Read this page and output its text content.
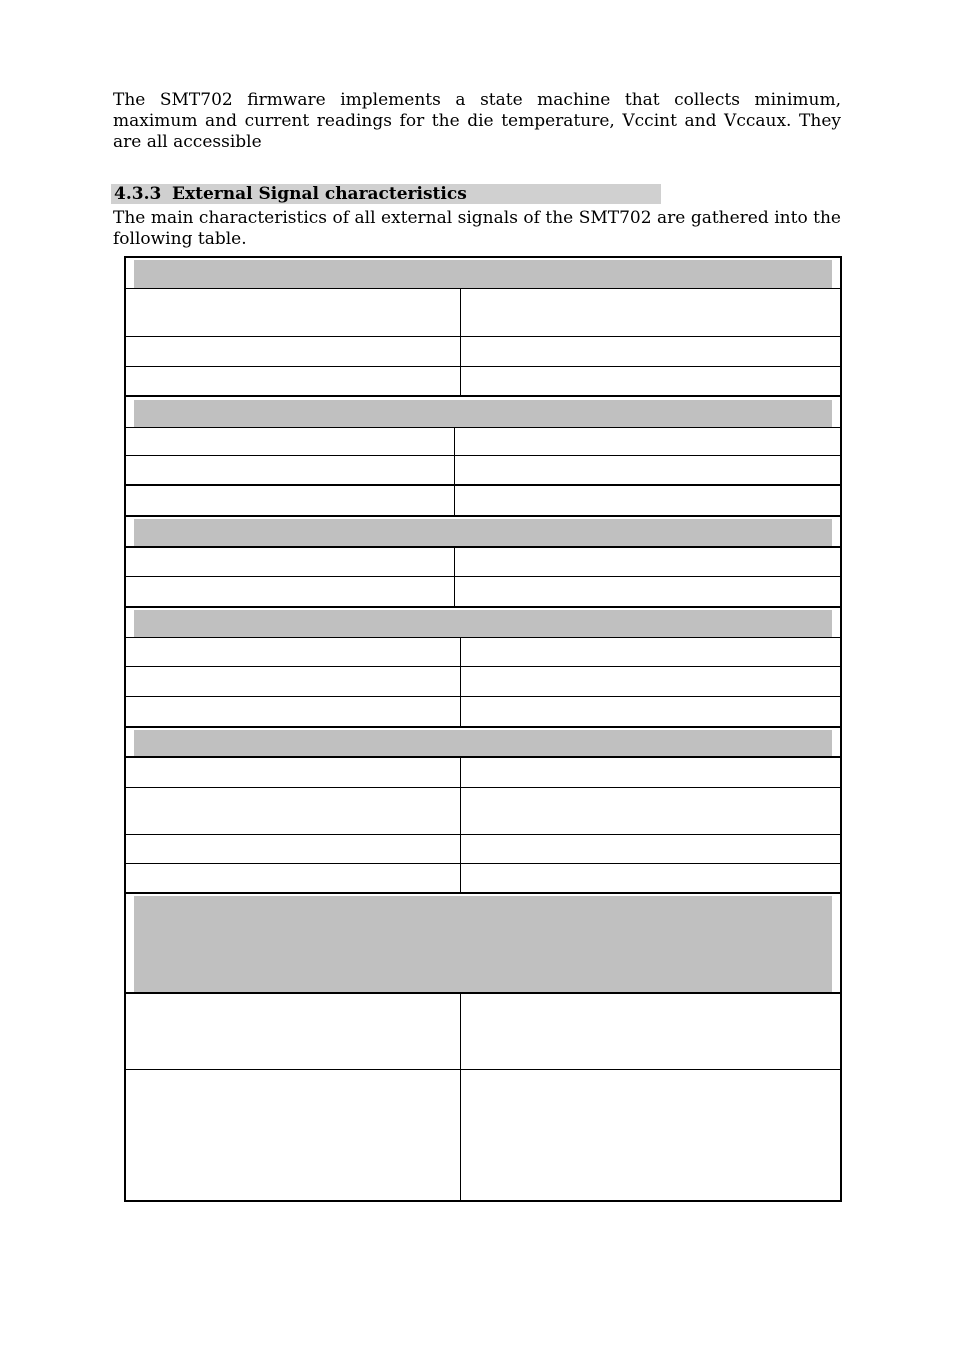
The SMT702 firmware implements a state machine that collects minimum, maximum and current readings for the die temperature, Vccint and Vccaux. They are all accessible

4.3.3 External Signal characteristics

The main characteristics of all external signals of the SMT702 are gathered into the following table.
